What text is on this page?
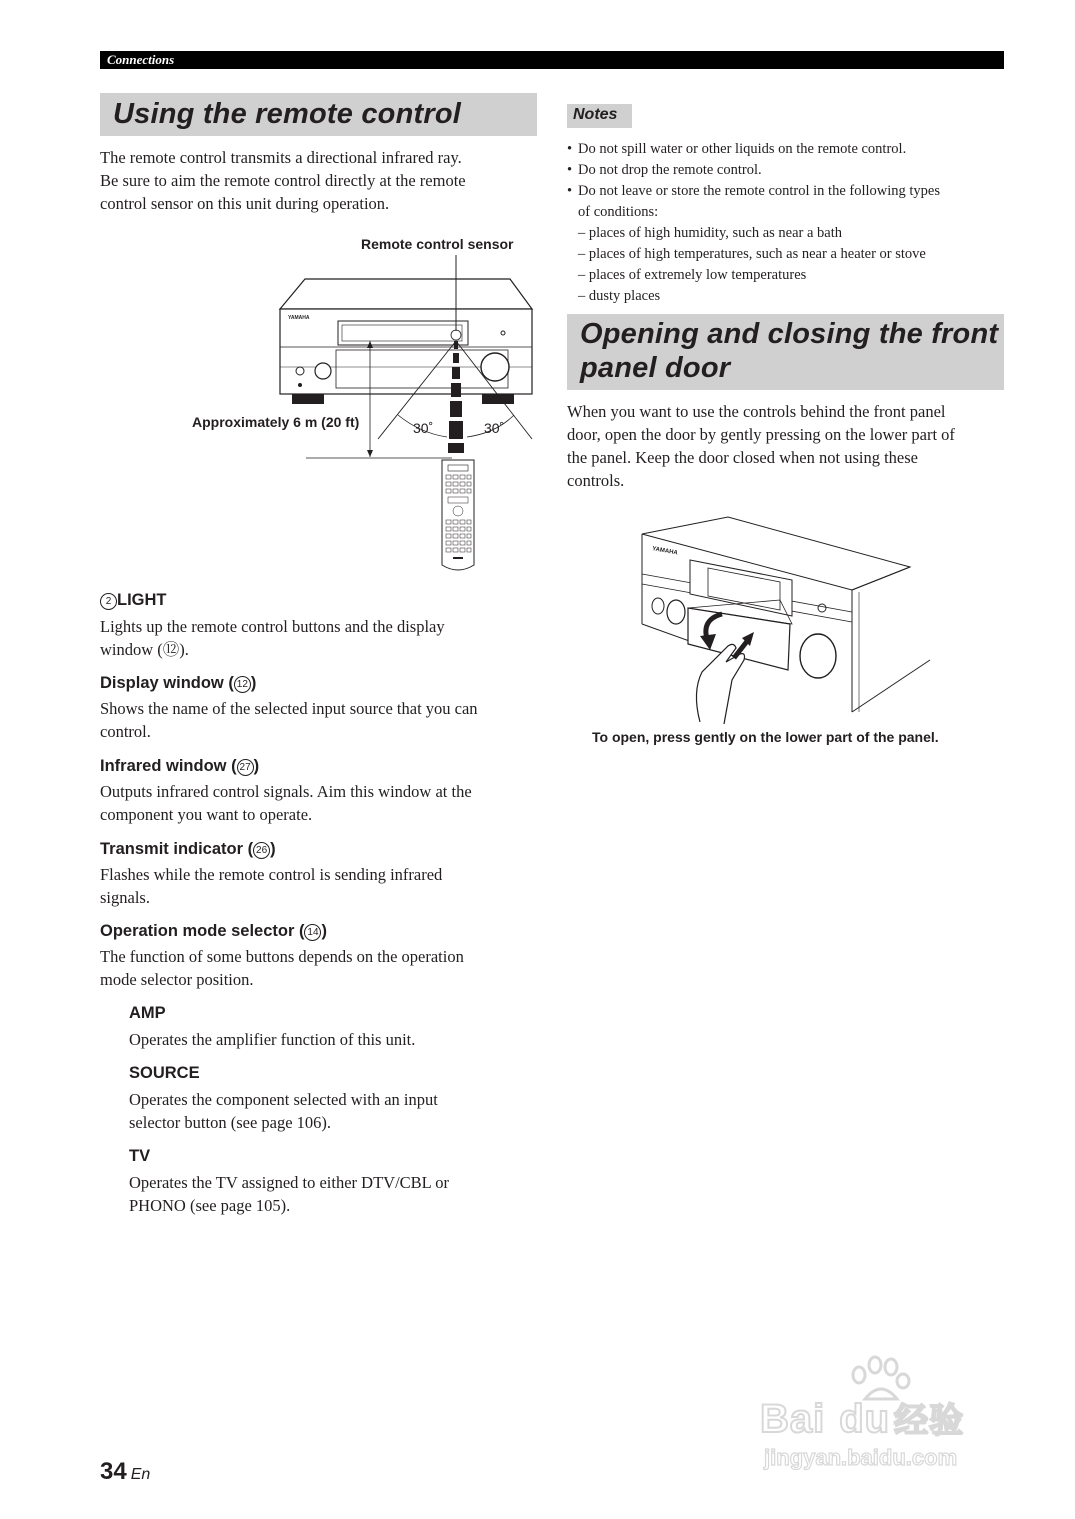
Connections
Using the remote control

The remote control transmits a directional infrared ray.

Be sure to aim the remote control directly at the remote

control sensor on this unit during operation.

Remote control sensor
Approximately 6 m (20 ft)
YAMAHA
30˚	30˚
2 LIGHT

Lights up the remote control buttons and the display

window (⑫).

Display window ( 12 )

Shows the name of the selected input source that you can

control.

Infrared window ( 27 )

Outputs infrared control signals. Aim this window at the

component you want to operate.

Transmit indicator ( 26 )

Flashes while the remote control is sending infrared

signals.

Operation mode selector ( 14 )

The function of some buttons depends on the operation

mode selector position.

AMP

Operates the amplifier function of this unit.

SOURCE

Operates the component selected with an input

selector button (see page 106).

TV

Operates the TV assigned to either DTV/CBL or

PHONO (see page 105).

Notes
• Do not spill water or other liquids on the remote control.
• Do not drop the remote control.
• Do not leave or store the remote control in the following types
of conditions:
– places of high humidity, such as near a bath
– places of high temperatures, such as near a heater or stove
– places of extremely low temperatures
– dusty places
Opening and closing the front
panel door

When you want to use the controls behind the front panel

door, open the door by gently pressing on the lower part of

the panel. Keep the door closed when not using these

controls.

YAMAHA
To open, press gently on the lower part of the panel.
34 En
Bai du 经验
jingyan.baidu.com
